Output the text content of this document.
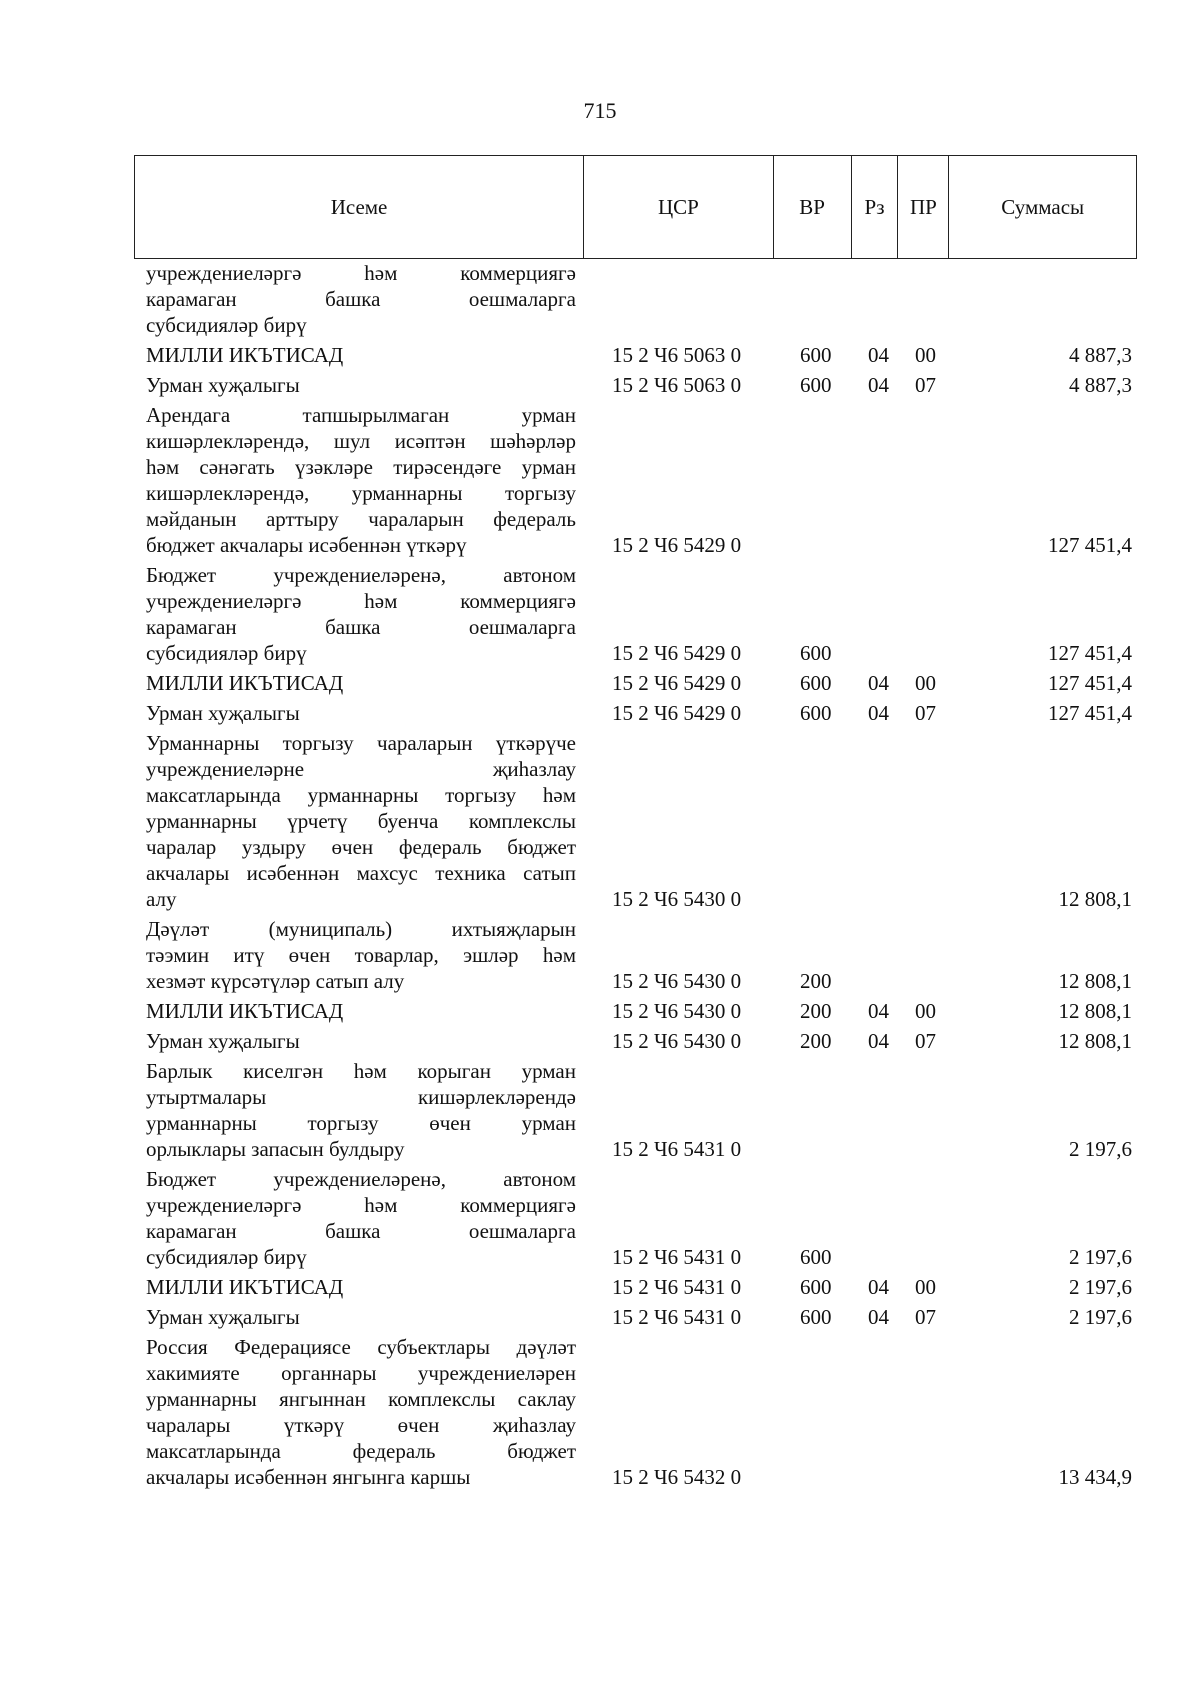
715
Исеме	ЦСР	ВР	Рз	ПР	Суммасы
учреждениеләргә һәм коммерциягә
карамаган башка оешмаларга
субсидияләр бирү
МИЛЛИ ИКЪТИСАД	15 2 Ч6 5063 0	600 04 00	4 887,3
Урман хуҗалыгы	15 2 Ч6 5063 0	600 04 07	4 887,3
Арендага тапшырылмаган урман
кишәрлекләрендә, шул исәптән шәһәрләр
һәм сәнәгать үзәкләре тирәсендәге урман
кишәрлекләрендә, урманнарны торгызу
мәйданын арттыру чараларын федераль
бюджет акчалары исәбеннән үткәрү	15 2 Ч6 5429 0	127 451,4
Бюджет учреждениеләренә, автоном
учреждениеләргә һәм коммерциягә
карамаган башка оешмаларга
субсидияләр бирү	15 2 Ч6 5429 0	600	127 451,4
МИЛЛИ ИКЪТИСАД	15 2 Ч6 5429 0	600 04 00	127 451,4
Урман хуҗалыгы	15 2 Ч6 5429 0	600 04 07	127 451,4
Урманнарны торгызу чараларын үткәрүче
учреждениеләрне җиһазлау
максатларында урманнарны торгызу һәм
урманнарны үрчетү буенча комплекслы
чаралар уздыру өчен федераль бюджет
акчалары исәбеннән махсус техника сатып
алу	15 2 Ч6 5430 0	12 808,1
Дәүләт (муниципаль) ихтыяҗларын
тәэмин итү өчен товарлар, эшләр һәм
хезмәт күрсәтүләр сатып алу	15 2 Ч6 5430 0	200	12 808,1
МИЛЛИ ИКЪТИСАД	15 2 Ч6 5430 0	200 04 00	12 808,1
Урман хуҗалыгы	15 2 Ч6 5430 0	200 04 07	12 808,1
Барлык киселгән һәм корыган урман
утыртмалары кишәрлекләрендә
урманнарны торгызу өчен урман
орлыклары запасын булдыру	15 2 Ч6 5431 0	2 197,6
Бюджет учреждениеләренә, автоном
учреждениеләргә һәм коммерциягә
карамаган башка оешмаларга
субсидияләр бирү	15 2 Ч6 5431 0	600	2 197,6
МИЛЛИ ИКЪТИСАД	15 2 Ч6 5431 0	600 04 00	2 197,6
Урман хуҗалыгы	15 2 Ч6 5431 0	600 04 07	2 197,6
Россия Федерациясе субъектлары дәүләт
хакимияте органнары учреждениеләрен
урманнарны янгыннан комплекслы саклау
чаралары үткәрү өчен җиһазлау
максатларында федераль бюджет
акчалары исәбеннән янгынга каршы	15 2 Ч6 5432 0	13 434,9
